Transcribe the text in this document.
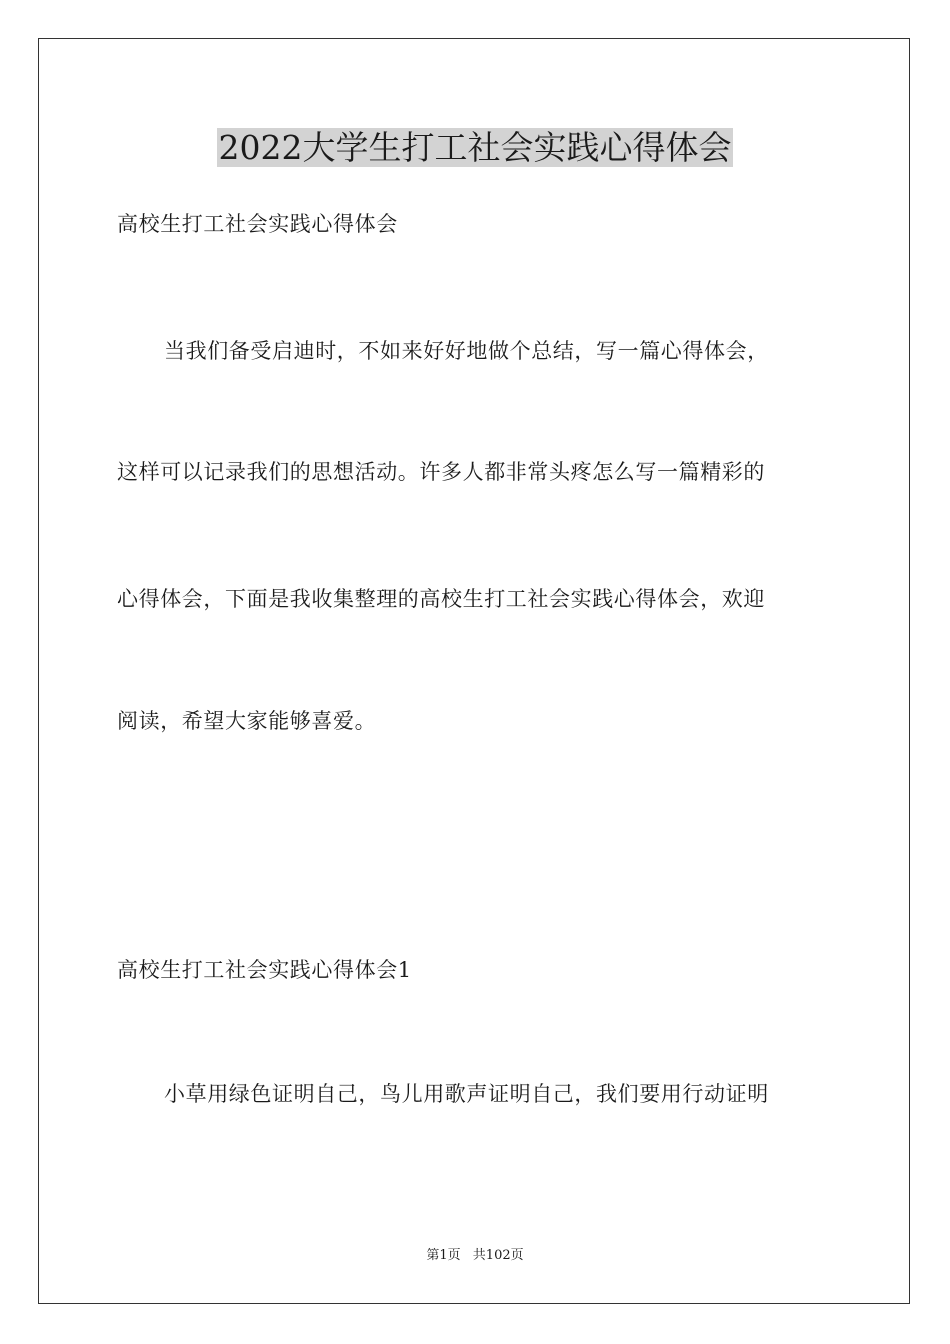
2022大学生打工社会实践心得体会
高校生打工社会实践心得体会
当我们备受启迪时，不如来好好地做个总结，写一篇心得体会，
这样可以记录我们的思想活动。许多人都非常头疼怎么写一篇精彩的
心得体会，下面是我收集整理的高校生打工社会实践心得体会，欢迎
阅读，希望大家能够喜爱。
高校生打工社会实践心得体会1
小草用绿色证明自己，鸟儿用歌声证明自己，我们要用行动证明
第1页 共102页
